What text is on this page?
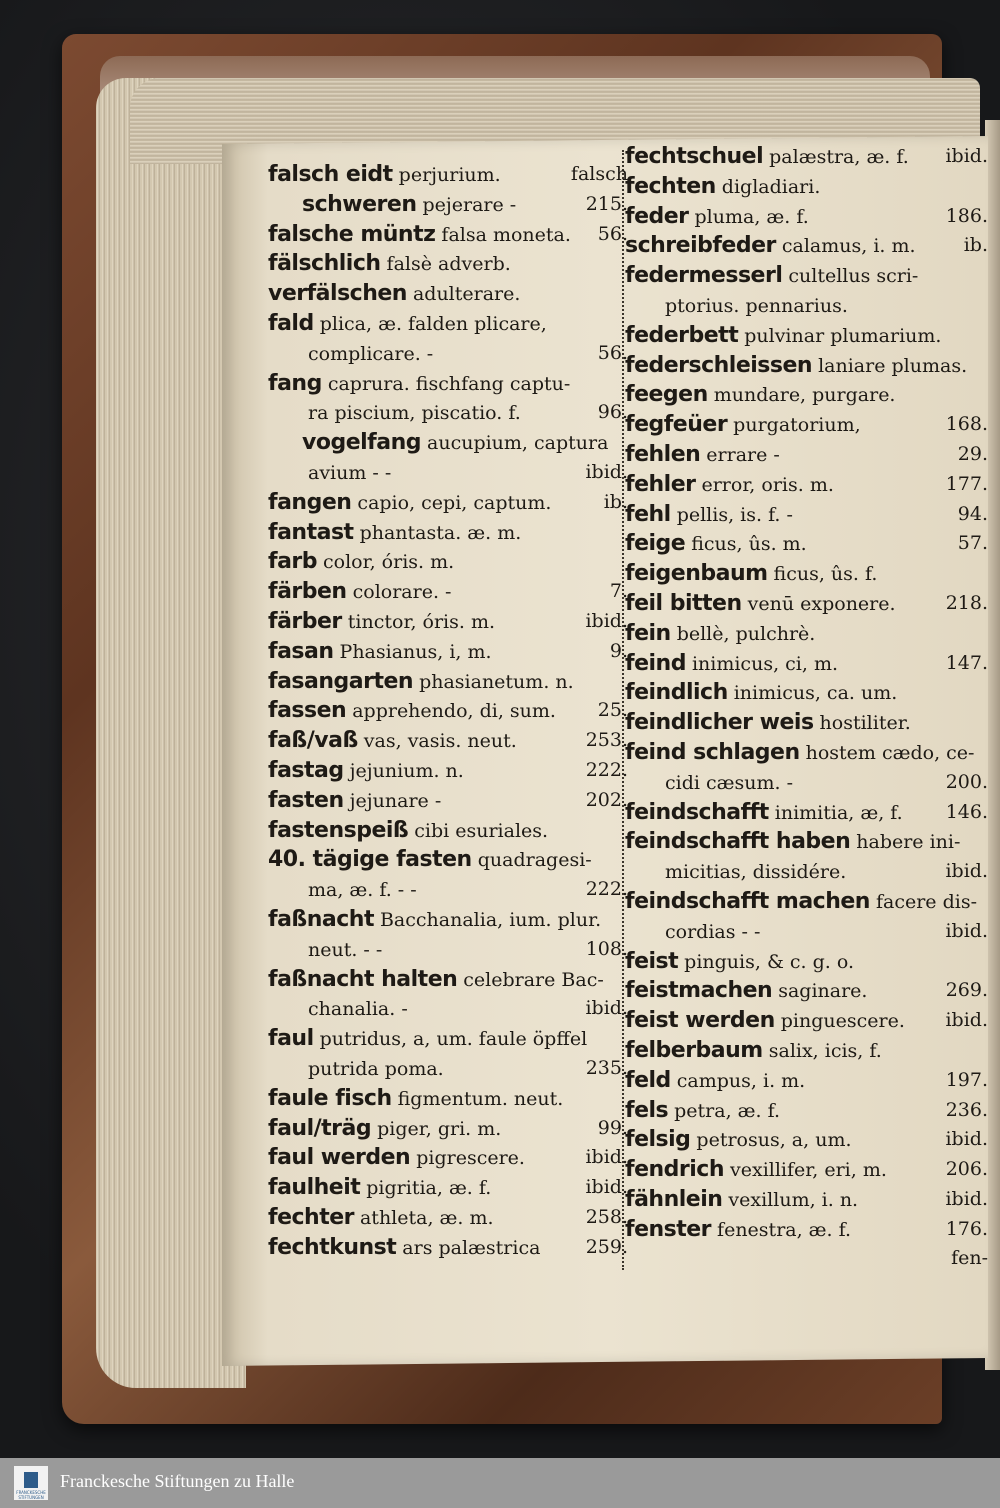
falsch eidt perjurium.	falsch
schweren pejerare -	215.
falsche müntz falsa moneta. 56.
fälschlich falsè adverb.
verfälschen adulterare.
fald plica, æ. falden plicare,
complicare. -	56.
fang caprura. fischfang captu-
ra piscium, piscatio. f.	96.
vogelfang aucupium, captura
avium - -	ibid.
fangen capio, cepi, captum.	ib.
fantast phantasta. æ. m.
farb color, óris. m.
färben colorare. -	7.
färber tinctor, óris. m.	ibid.
fasan Phasianus, i, m.	9.
fasangarten phasianetum. n.
fassen apprehendo, di, sum. 25.
faß/vaß vas, vasis. neut.	253.
fastag jejunium. n.	222.
fasten jejunare -	202.
fastenspeiß cibi esuriales.
40. tägige fasten quadragesi-
ma, æ. f. - -	222.
faßnacht Bacchanalia, ium. plur.
neut. - -	108.
faßnacht halten celebrare Bac-
chanalia. -	ibid.
faul putridus, a, um. faule öpffel
putrida poma.	235.
faule fisch figmentum. neut.
faul/träg piger, gri. m.	99.
faul werden pigrescere.	ibid.
faulheit pigritia, æ. f.	ibid.
fechter athleta, æ. m.	258.
fechtkunst ars palæstrica 259.
fechtschuel palæstra, æ. f. ibid.
fechten digladiari.
feder pluma, æ. f.	186.
schreibfeder calamus, i. m.	ib.
federmesserl cultellus scri-
ptorius. pennarius.
federbett pulvinar plumarium.
federschleissen laniare plumas.
feegen mundare, purgare.
fegfeüer purgatorium,	168.
fehlen errare -	29.
fehler error, oris. m.	177.
fehl pellis, is. f. -	94.
feige ficus, ûs. m.	57.
feigenbaum ficus, ûs. f.
feil bitten venū exponere.	218.
fein bellè, pulchrè.
feind inimicus, ci, m.	147.
feindlich inimicus, ca. um.
feindlicher weis hostiliter.
feind schlagen hostem cædo, ce-
cidi cæsum. -	200.
feindschafft inimitia, æ, f. 146.
feindschafft haben habere ini-
micitias, dissidére.	ibid.
feindschafft machen facere dis-
cordias - -	ibid.
feist pinguis, & c. g. o.
feistmachen saginare.	269.
feist werden pinguescere. ibid.
felberbaum salix, icis, f.
feld campus, i. m.	197.
fels petra, æ. f.	236.
felsig petrosus, a, um.	ibid.
fendrich vexillifer, eri, m.	206.
fähnlein vexillum, i. n.	ibid.
fenster fenestra, æ. f.	176.
fen-
FRANCKESCHE STIFTUNGEN
Franckesche Stiftungen zu Halle
